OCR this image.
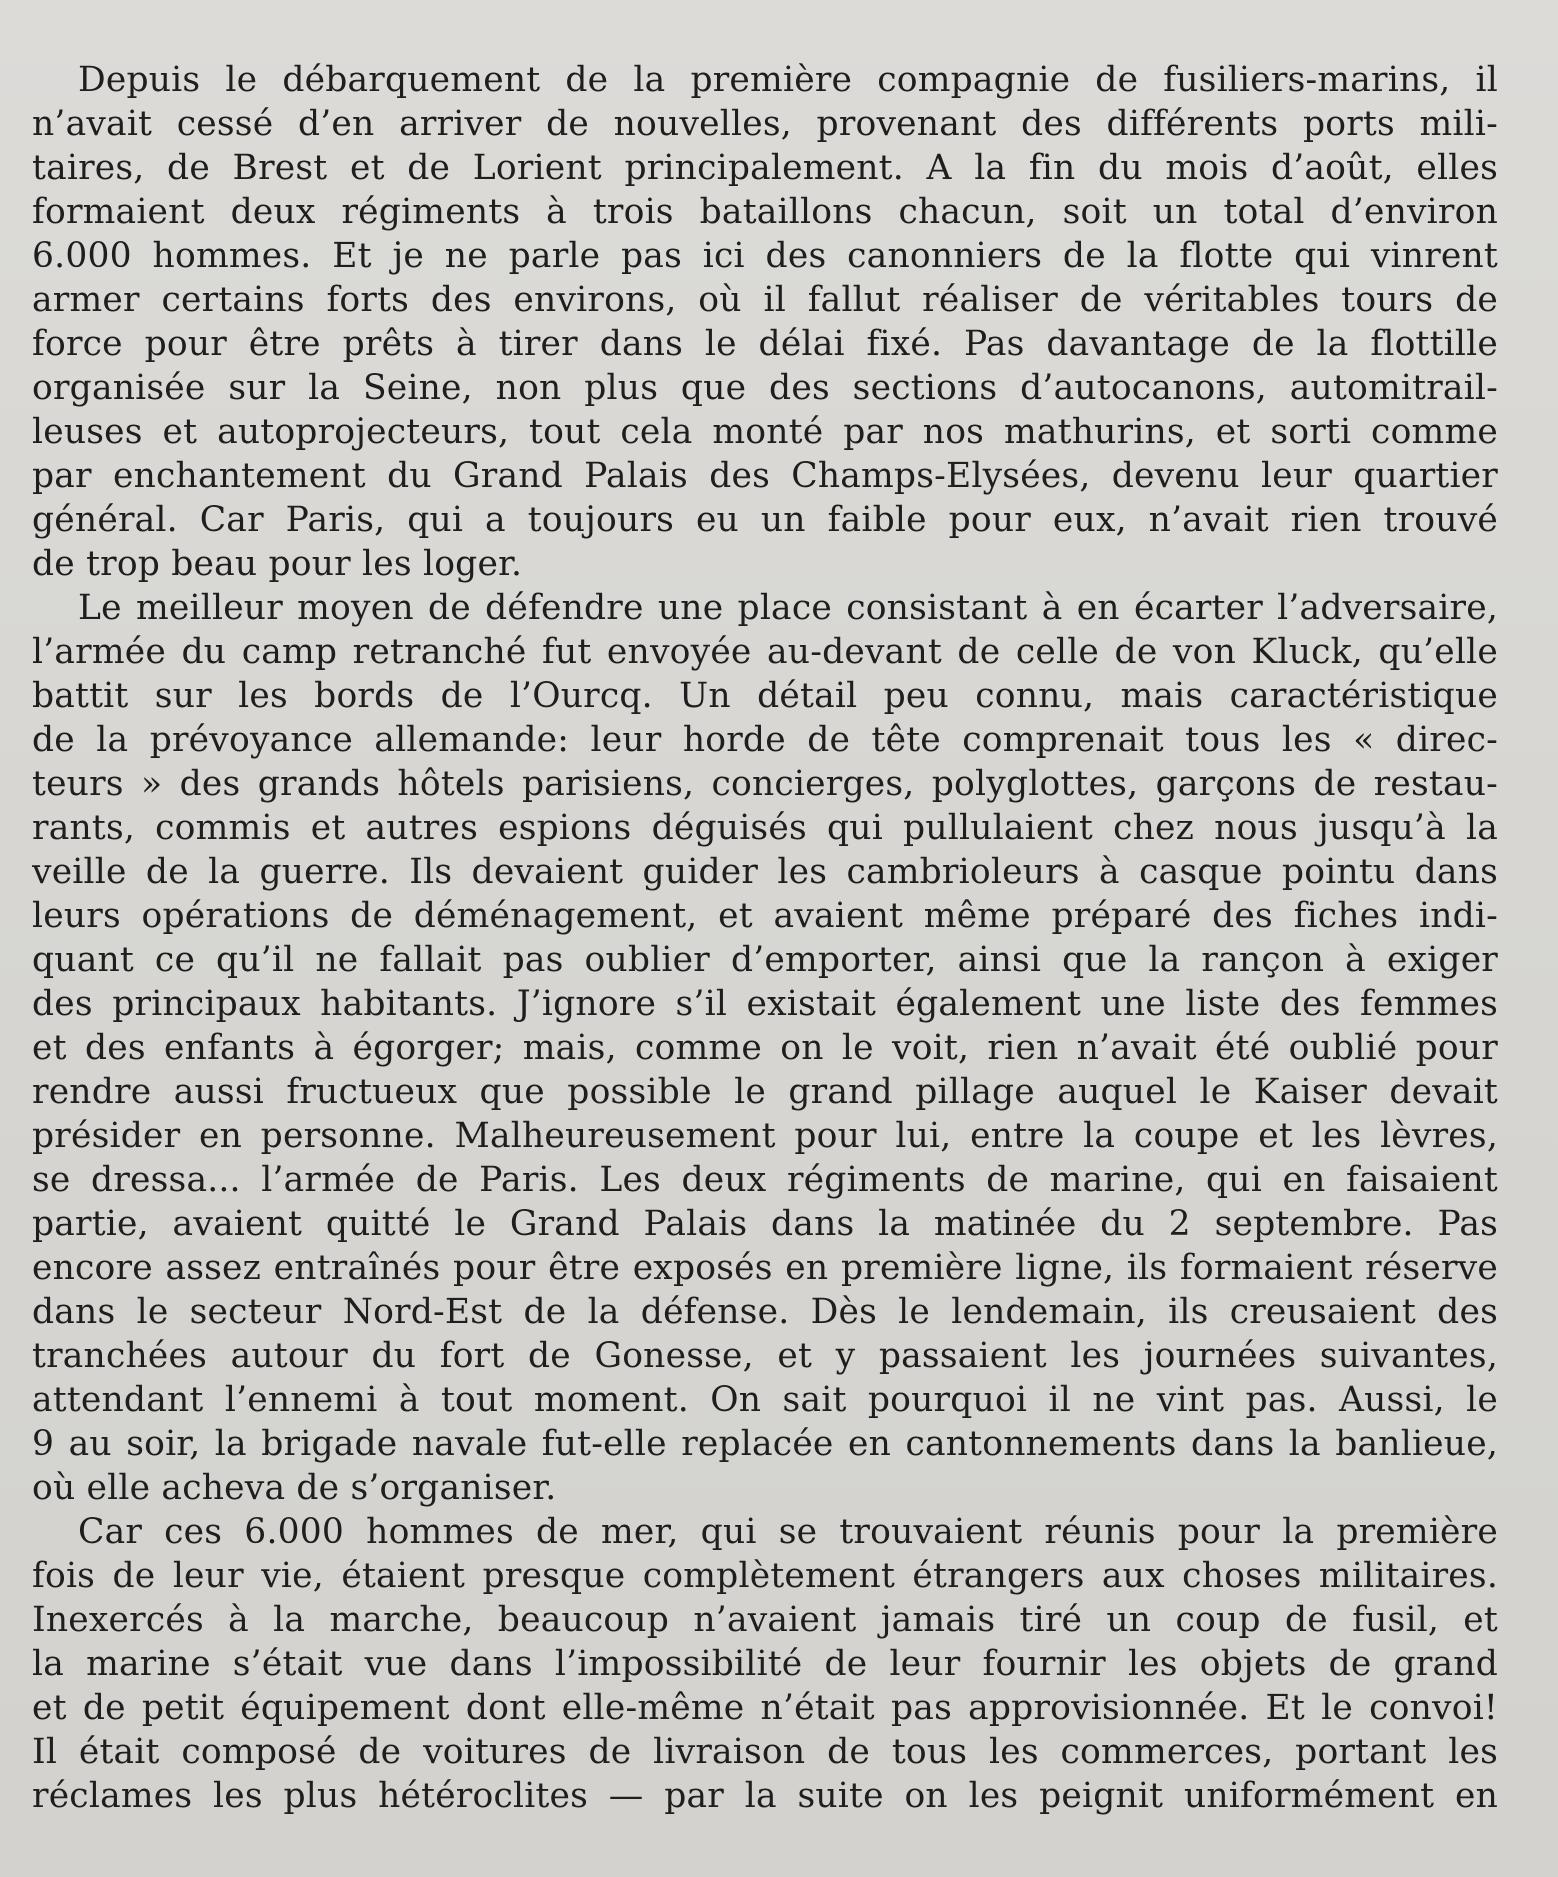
Depuis le débarquement de la première compagnie de fusiliers-marins, il
n’avait cessé d’en arriver de nouvelles, provenant des différents ports mili-
taires, de Brest et de Lorient principalement. A la fin du mois d’août, elles
formaient deux régiments à trois bataillons chacun, soit un total d’environ
6.000 hommes. Et je ne parle pas ici des canonniers de la flotte qui vinrent
armer certains forts des environs, où il fallut réaliser de véritables tours de
force pour être prêts à tirer dans le délai fixé. Pas davantage de la flottille
organisée sur la Seine, non plus que des sections d’autocanons, automitrail-
leuses et autoprojecteurs, tout cela monté par nos mathurins, et sorti comme
par enchantement du Grand Palais des Champs-Elysées, devenu leur quartier
général. Car Paris, qui a toujours eu un faible pour eux, n’avait rien trouvé
de trop beau pour les loger.
Le meilleur moyen de défendre une place consistant à en écarter l’adversaire,
l’armée du camp retranché fut envoyée au-devant de celle de von Kluck, qu’elle
battit sur les bords de l’Ourcq. Un détail peu connu, mais caractéristique
de la prévoyance allemande: leur horde de tête comprenait tous les « direc-
teurs » des grands hôtels parisiens, concierges, polyglottes, garçons de restau-
rants, commis et autres espions déguisés qui pullulaient chez nous jusqu’à la
veille de la guerre. Ils devaient guider les cambrioleurs à casque pointu dans
leurs opérations de déménagement, et avaient même préparé des fiches indi-
quant ce qu’il ne fallait pas oublier d’emporter, ainsi que la rançon à exiger
des principaux habitants. J’ignore s’il existait également une liste des femmes
et des enfants à égorger; mais, comme on le voit, rien n’avait été oublié pour
rendre aussi fructueux que possible le grand pillage auquel le Kaiser devait
présider en personne. Malheureusement pour lui, entre la coupe et les lèvres,
se dressa... l’armée de Paris. Les deux régiments de marine, qui en faisaient
partie, avaient quitté le Grand Palais dans la matinée du 2 septembre. Pas
encore assez entraînés pour être exposés en première ligne, ils formaient réserve
dans le secteur Nord-Est de la défense. Dès le lendemain, ils creusaient des
tranchées autour du fort de Gonesse, et y passaient les journées suivantes,
attendant l’ennemi à tout moment. On sait pourquoi il ne vint pas. Aussi, le
9 au soir, la brigade navale fut-elle replacée en cantonnements dans la banlieue,
où elle acheva de s’organiser.
Car ces 6.000 hommes de mer, qui se trouvaient réunis pour la première
fois de leur vie, étaient presque complètement étrangers aux choses militaires.
Inexercés à la marche, beaucoup n’avaient jamais tiré un coup de fusil, et
la marine s’était vue dans l’impossibilité de leur fournir les objets de grand
et de petit équipement dont elle-même n’était pas approvisionnée. Et le convoi!
Il était composé de voitures de livraison de tous les commerces, portant les
réclames les plus hétéroclites — par la suite on les peignit uniformément en
